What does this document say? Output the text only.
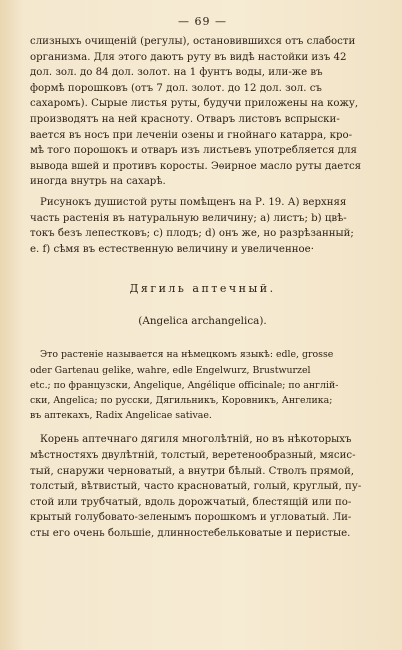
— 69 —
слизныхъ очищеній (регулы), остановившихся отъ слабости
организма. Для этого даютъ руту въ видѣ настойки изъ 42
дол. зол. до 84 дол. золот. на 1 фунтъ воды, или-же въ
формѣ порошковъ (отъ 7 дол. золот. до 12 дол. зол. съ
сахаромъ). Сырые листья руты, будучи приложены на кожу,
производятъ на ней красноту. Отваръ листовъ вспрыски-
вается въ носъ при леченіи озены и гнойнаго катарра, кро-
мѣ того порошокъ и отваръ изъ листьевъ употребляется для
вывода вшей и противъ коросты. Эѳирное масло руты дается
иногда внутрь на сахарѣ.
Рисунокъ душистой руты помѣщенъ на Р. 19. А) верхняя
часть растенія въ натуральную величину; а) листъ; b) цвѣ-
токъ безъ лепестковъ; c) плодъ; d) онъ же, но разрѣзанный;
e. f) сѣмя въ естественную величину и увеличенное·
Дягиль аптечный.
(Angelica archangelica).
Это растеніе называется на нѣмецкомъ языкѣ: edle, grosse
oder Gartenau gelike, wahre, edle Engelwurz, Brustwurzel
etc.; по французски, Angelique, Angélique officinale; по англій-
ски, Angelica; по русски, Дягильникъ, Коровникъ, Ангелика;
въ аптекахъ, Radix Angelicae sativae.
Корень аптечнаго дягиля многолѣтній, но въ нѣкоторыхъ
мѣстностяхъ двулѣтній, толстый, веретенообразный, мясис-
тый, снаружи черноватый, а внутри бѣлый. Стволъ прямой,
толстый, вѣтвистый, часто красноватый, голый, круглый, пу-
стой или трубчатый, вдоль дорожчатый, блестящій или по-
крытый голубовато-зеленымъ порошкомъ и угловатый. Ли-
сты его очень большіе, длинностебельковатые и перистые.
